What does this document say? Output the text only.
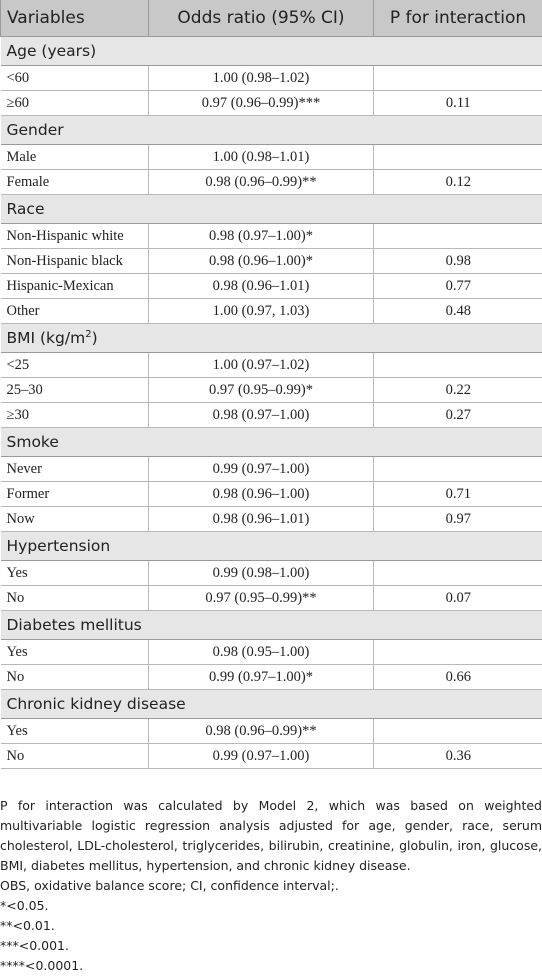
Variables	Odds ratio (95% CI)	P for interaction
Age (years)		
<60	1.00 (0.98–1.02)	
≥60	0.97 (0.96–0.99)***	0.11
Gender		
Male	1.00 (0.98–1.01)	
Female	0.98 (0.96–0.99)**	0.12
Race		
Non-Hispanic white	0.98 (0.97–1.00)*	
Non-Hispanic black	0.98 (0.96–1.00)*	0.98
Hispanic-Mexican	0.98 (0.96–1.01)	0.77
Other	1.00 (0.97, 1.03)	0.48
BMI $(kg/m^2)$		
<25	1.00 (0.97–1.02)	
25–30	0.97 (0.95–0.99)*	0.22
≥30	0.98 (0.97–1.00)	0.27
Smoke		
Never	0.99 (0.97–1.00)	
Former	0.98 (0.96–1.00)	0.71
Now	0.98 (0.96–1.01)	0.97
Hypertension		
Yes	0.99 (0.98–1.00)	
No	0.97 (0.95–0.99)**	0.07
Diabetes mellitus		
Yes	0.98 (0.95–1.00)	
No	0.99 (0.97–1.00)*	0.66
Chronic kidney disease		
Yes	0.98 (0.96–0.99)**	
No	0.99 (0.97–1.00)	0.36

P for interaction was calculated by Model 2, which was based on weighted multivariable logistic regression analysis adjusted for age, gender, race, serum cholesterol, LDL-cholesterol, triglycerides, bilirubin, creatinine, globulin, iron, glucose, BMI, diabetes mellitus, hypertension, and chronic kidney disease.

OBS, oxidative balance score; CI, confidence interval;.

*<0.05.

**<0.01.

***<0.001.

****<0.0001.
